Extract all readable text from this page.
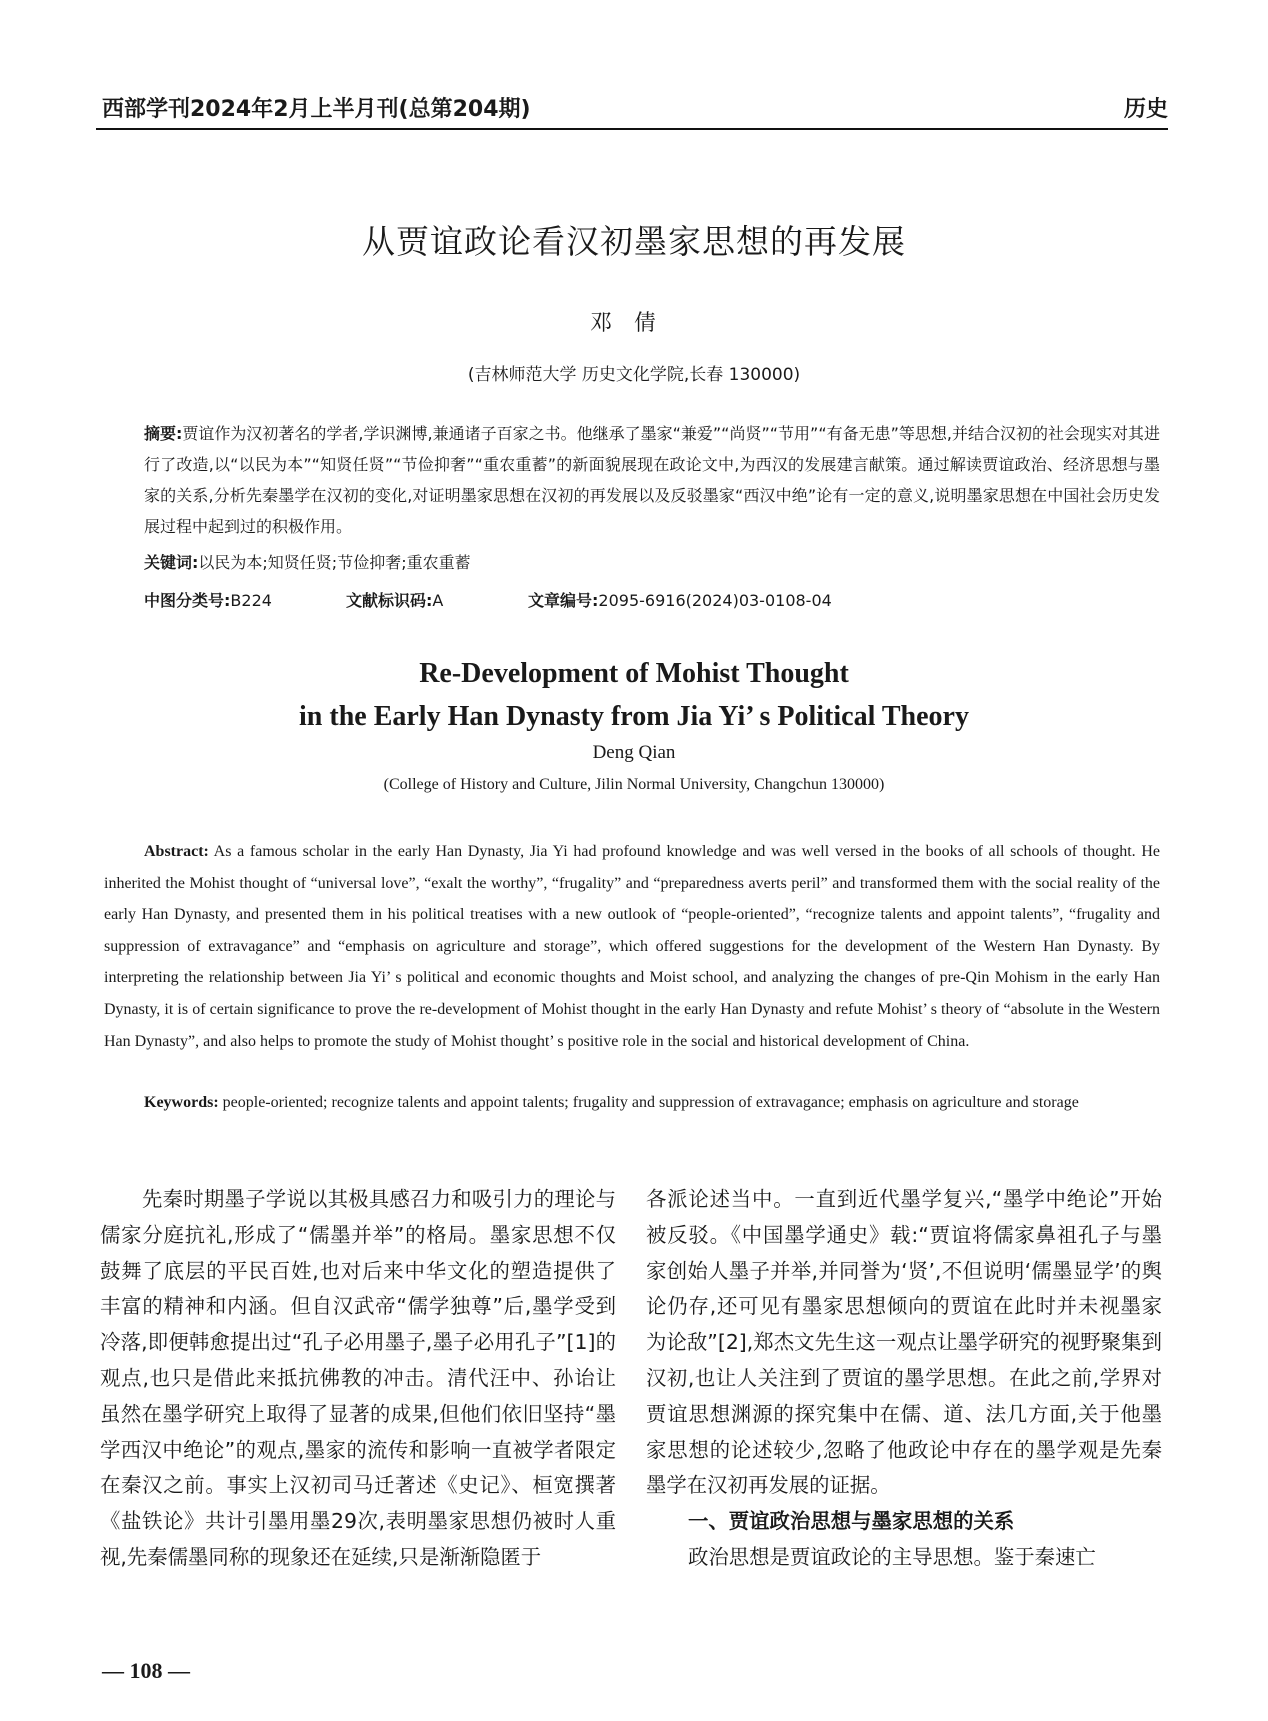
西部学刊2024年2月上半月刊(总第204期)	历史
从贾谊政论看汉初墨家思想的再发展
邓倩
(吉林师范大学 历史文化学院,长春 130000)
摘要:贾谊作为汉初著名的学者,学识渊博,兼通诸子百家之书。他继承了墨家“兼爱”“尚贤”“节用”“有备无患”等思想,并结合汉初的社会现实对其进行了改造,以“以民为本”“知贤任贤”“节俭抑奢”“重农重蓄”的新面貌展现在政论文中,为西汉的发展建言献策。通过解读贾谊政治、经济思想与墨家的关系,分析先秦墨学在汉初的变化,对证明墨家思想在汉初的再发展以及反驳墨家“西汉中绝”论有一定的意义,说明墨家思想在中国社会历史发展过程中起到过的积极作用。
关键词:以民为本;知贤任贤;节俭抑奢;重农重蓄
中图分类号:B224	文献标识码:A	文章编号:2095-6916(2024)03-0108-04
Re-Development of Mohist Thought
in the Early Han Dynasty from Jia Yi’ s Political Theory
Deng Qian
(College of History and Culture, Jilin Normal University, Changchun 130000)
Abstract: As a famous scholar in the early Han Dynasty, Jia Yi had profound knowledge and was well versed in the books of all schools of thought. He inherited the Mohist thought of “universal love”, “exalt the worthy”, “frugality” and “preparedness averts peril” and transformed them with the social reality of the early Han Dynasty, and presented them in his political treatises with a new outlook of “people-oriented”, “recognize talents and appoint talents”, “frugality and suppression of extravagance” and “emphasis on agriculture and storage”, which offered suggestions for the development of the Western Han Dynasty. By interpreting the relationship between Jia Yi’ s political and economic thoughts and Moist school, and analyzing the changes of pre-Qin Mohism in the early Han Dynasty, it is of certain significance to prove the re-development of Mohist thought in the early Han Dynasty and refute Mohist’ s theory of “absolute in the Western Han Dynasty”, and also helps to promote the study of Mohist thought’ s positive role in the social and historical development of China.
Keywords: people-oriented; recognize talents and appoint talents; frugality and suppression of extravagance; emphasis on agriculture and storage

先秦时期墨子学说以其极具感召力和吸引力的理论与儒家分庭抗礼,形成了“儒墨并举”的格局。墨家思想不仅鼓舞了底层的平民百姓,也对后来中华文化的塑造提供了丰富的精神和内涵。但自汉武帝“儒学独尊”后,墨学受到冷落,即便韩愈提出过“孔子必用墨子,墨子必用孔子”[1]的观点,也只是借此来抵抗佛教的冲击。清代汪中、孙诒让虽然在墨学研究上取得了显著的成果,但他们依旧坚持“墨学西汉中绝论”的观点,墨家的流传和影响一直被学者限定在秦汉之前。事实上汉初司马迁著述《史记》、桓宽撰著《盐铁论》共计引墨用墨29次,表明墨家思想仍被时人重视,先秦儒墨同称的现象还在延续,只是渐渐隐匿于

各派论述当中。一直到近代墨学复兴,“墨学中绝论”开始被反驳。《中国墨学通史》载:“贾谊将儒家鼻祖孔子与墨家创始人墨子并举,并同誉为‘贤’,不但说明‘儒墨显学’的舆论仍存,还可见有墨家思想倾向的贾谊在此时并未视墨家为论敌”[2],郑杰文先生这一观点让墨学研究的视野聚集到汉初,也让人关注到了贾谊的墨学思想。在此之前,学界对贾谊思想渊源的探究集中在儒、道、法几方面,关于他墨家思想的论述较少,忽略了他政论中存在的墨学观是先秦墨学在汉初再发展的证据。

一、贾谊政治思想与墨家思想的关系

政治思想是贾谊政论的主导思想。鉴于秦速亡

— 108 —
